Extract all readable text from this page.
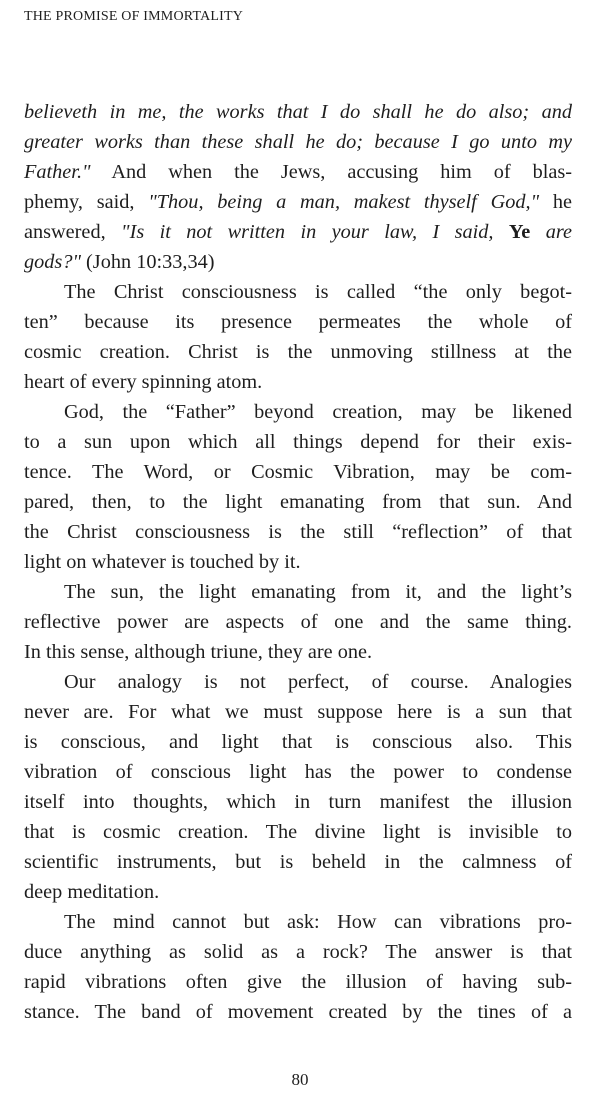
THE PROMISE OF IMMORTALITY
believeth in me, the works that I do shall he do also; and
greater works than these shall he do; because I go unto my
Father." And when the Jews, accusing him of blas-
phemy, said, "Thou, being a man, makest thyself God," he
answered, "Is it not written in your law, I said, Ye are
gods?" (John 10:33,34)
The Christ consciousness is called “the only begot-
ten” because its presence permeates the whole of
cosmic creation. Christ is the unmoving stillness at the
heart of every spinning atom.
God, the “Father” beyond creation, may be likened
to a sun upon which all things depend for their exis-
tence. The Word, or Cosmic Vibration, may be com-
pared, then, to the light emanating from that sun. And
the Christ consciousness is the still “reflection” of that
light on whatever is touched by it.
The sun, the light emanating from it, and the light’s
reflective power are aspects of one and the same thing.
In this sense, although triune, they are one.
Our analogy is not perfect, of course. Analogies
never are. For what we must suppose here is a sun that
is conscious, and light that is conscious also. This
vibration of conscious light has the power to condense
itself into thoughts, which in turn manifest the illusion
that is cosmic creation. The divine light is invisible to
scientific instruments, but is beheld in the calmness of
deep meditation.
The mind cannot but ask: How can vibrations pro-
duce anything as solid as a rock? The answer is that
rapid vibrations often give the illusion of having sub-
stance. The band of movement created by the tines of a
80
